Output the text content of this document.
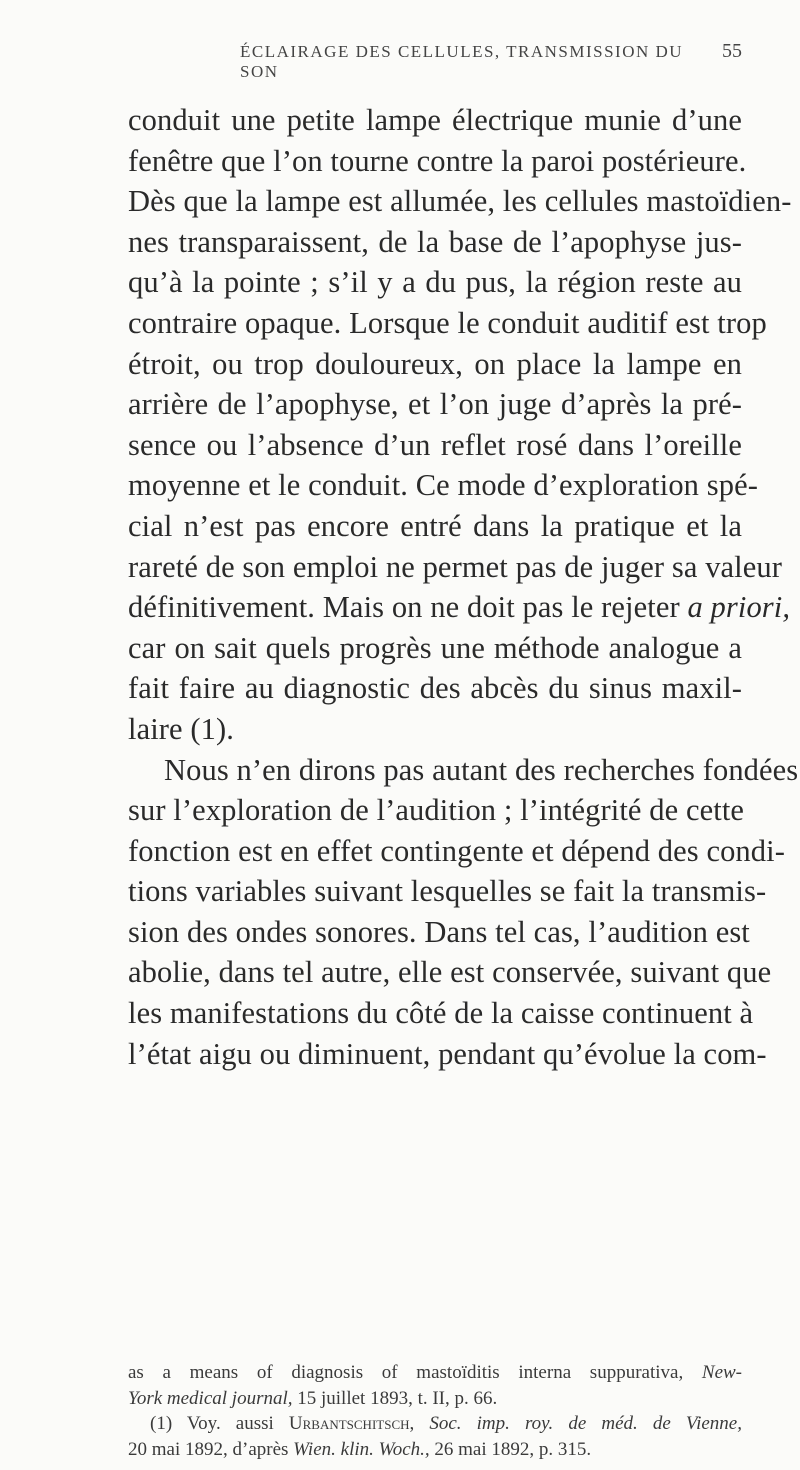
ÉCLAIRAGE DES CELLULES, TRANSMISSION DU SON
55
conduit une petite lampe électrique munie d’une
fenêtre que l’on tourne contre la paroi postérieure.
Dès que la lampe est allumée, les cellules mastoïdien-
nes transparaissent, de la base de l’apophyse jus-
qu’à la pointe ; s’il y a du pus, la région reste au
contraire opaque. Lorsque le conduit auditif est trop
étroit, ou trop douloureux, on place la lampe en
arrière de l’apophyse, et l’on juge d’après la pré-
sence ou l’absence d’un reflet rosé dans l’oreille
moyenne et le conduit. Ce mode d’exploration spé-
cial n’est pas encore entré dans la pratique et la
rareté de son emploi ne permet pas de juger sa valeur
définitivement. Mais on ne doit pas le rejeter a priori,
car on sait quels progrès une méthode analogue a
fait faire au diagnostic des abcès du sinus maxil-
laire (1).
Nous n’en dirons pas autant des recherches fondées
sur l’exploration de l’audition ; l’intégrité de cette
fonction est en effet contingente et dépend des condi-
tions variables suivant lesquelles se fait la transmis-
sion des ondes sonores. Dans tel cas, l’audition est
abolie, dans tel autre, elle est conservée, suivant que
les manifestations du côté de la caisse continuent à
l’état aigu ou diminuent, pendant qu’évolue la com-
as a means of diagnosis of mastoïditis interna suppurativa, New-
York medical journal, 15 juillet 1893, t. II, p. 66.
(1) Voy. aussi Urbantschitsch, Soc. imp. roy. de méd. de Vienne,
20 mai 1892, d’après Wien. klin. Woch., 26 mai 1892, p. 315.
